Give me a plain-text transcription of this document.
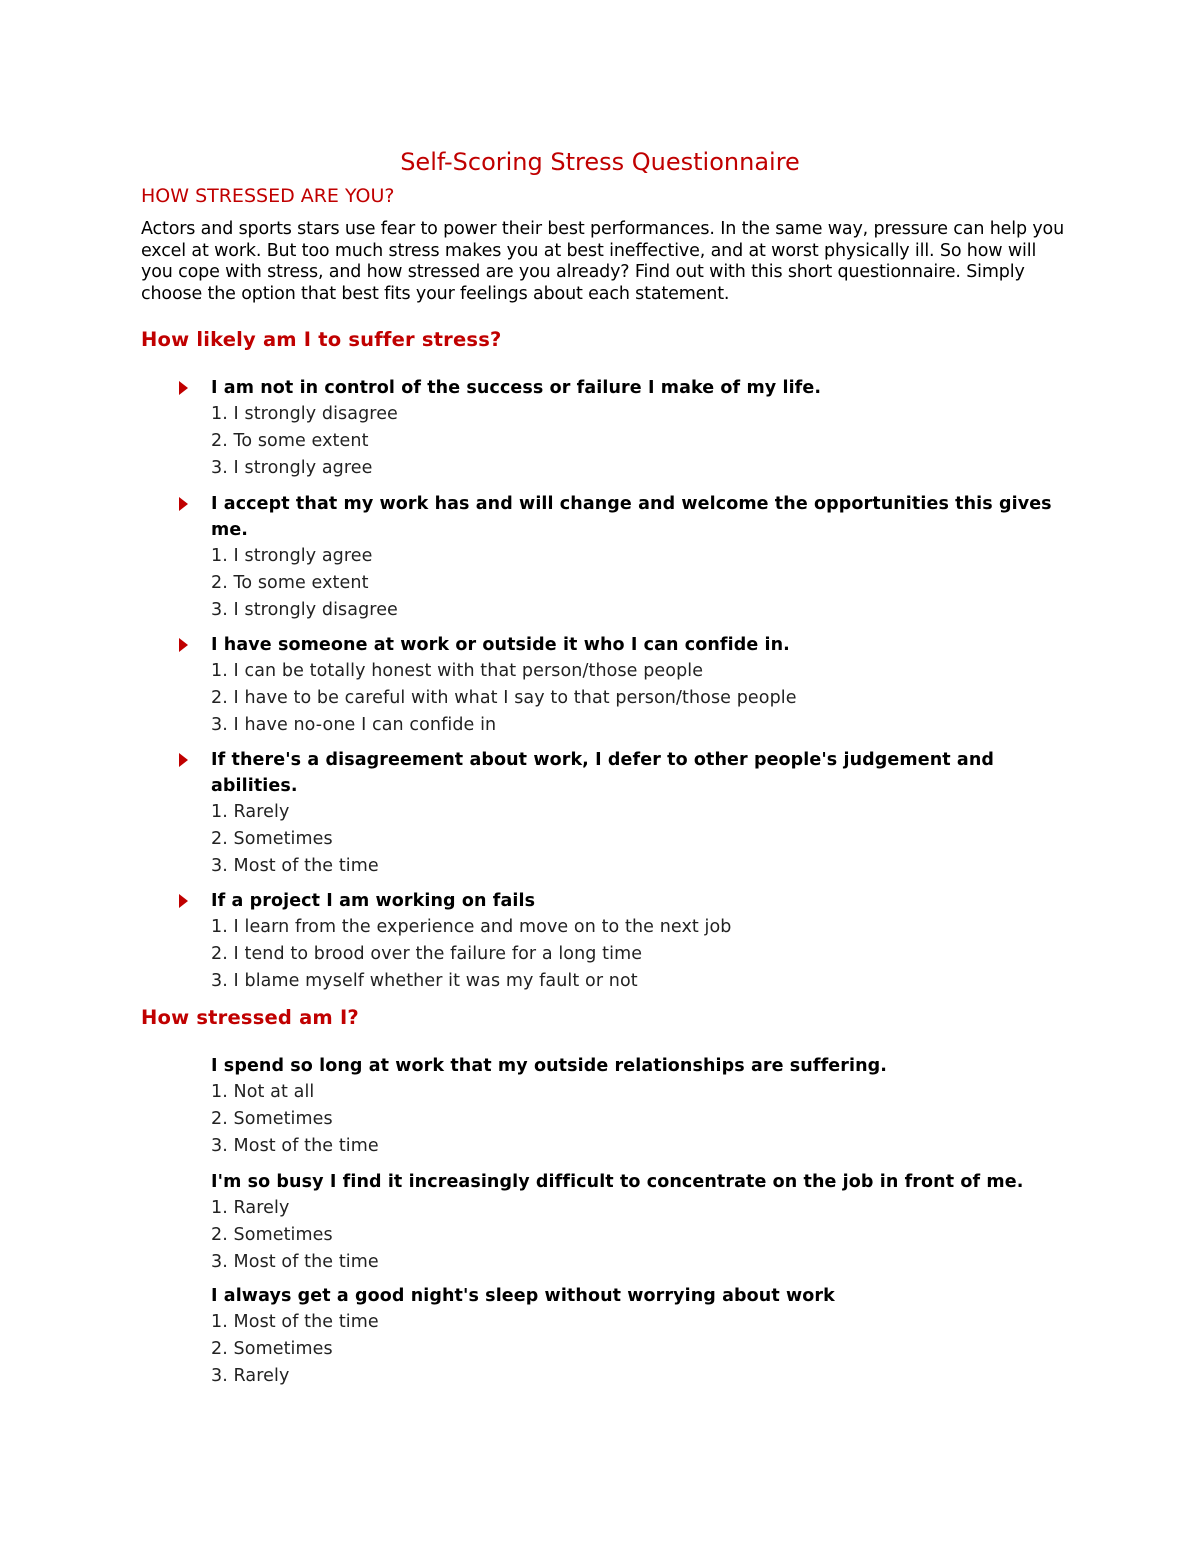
Self-Scoring Stress Questionnaire
HOW STRESSED ARE YOU?
Actors and sports stars use fear to power their best performances. In the same way, pressure can help you excel at work. But too much stress makes you at best ineffective, and at worst physically ill. So how will you cope with stress, and how stressed are you already? Find out with this short questionnaire. Simply choose the option that best fits your feelings about each statement.
How likely am I to suffer stress?
I am not in control of the success or failure I make of my life.
1. I strongly disagree
2. To some extent
3. I strongly agree
I accept that my work has and will change and welcome the opportunities this gives me.
1. I strongly agree
2. To some extent
3. I strongly disagree
I have someone at work or outside it who I can confide in.
1. I can be totally honest with that person/those people
2. I have to be careful with what I say to that person/those people
3. I have no-one I can confide in
If there's a disagreement about work, I defer to other people's judgement and abilities.
1. Rarely
2. Sometimes
3. Most of the time
If a project I am working on fails
1. I learn from the experience and move on to the next job
2. I tend to brood over the failure for a long time
3. I blame myself whether it was my fault or not
How stressed am I?
I spend so long at work that my outside relationships are suffering.
1. Not at all
2. Sometimes
3. Most of the time
I'm so busy I find it increasingly difficult to concentrate on the job in front of me.
1. Rarely
2. Sometimes
3. Most of the time
I always get a good night's sleep without worrying about work
1. Most of the time
2. Sometimes
3. Rarely
